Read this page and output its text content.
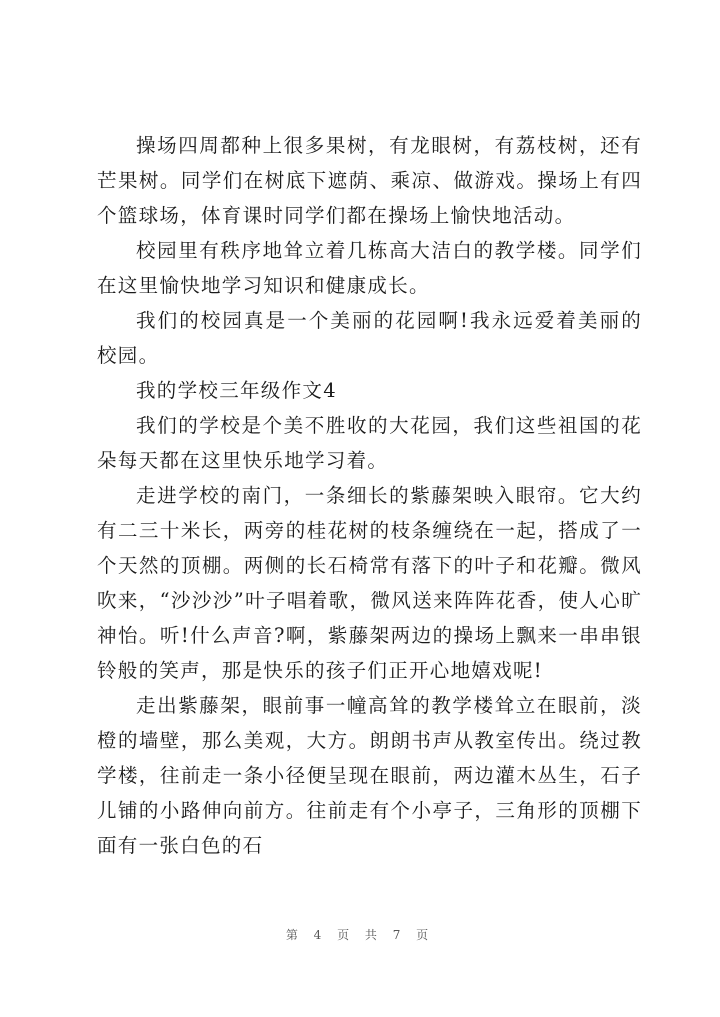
操场四周都种上很多果树，有龙眼树，有荔枝树，还有芒果树。同学们在树底下遮荫、乘凉、做游戏。操场上有四个篮球场，体育课时同学们都在操场上愉快地活动。

校园里有秩序地耸立着几栋高大洁白的教学楼。同学们在这里愉快地学习知识和健康成长。

我们的校园真是一个美丽的花园啊!我永远爱着美丽的校园。

我的学校三年级作文4

我们的学校是个美不胜收的大花园，我们这些祖国的花朵每天都在这里快乐地学习着。

走进学校的南门，一条细长的紫藤架映入眼帘。它大约有二三十米长，两旁的桂花树的枝条缠绕在一起，搭成了一个天然的顶棚。两侧的长石椅常有落下的叶子和花瓣。微风吹来，“沙沙沙”叶子唱着歌，微风送来阵阵花香，使人心旷神怡。听!什么声音?啊，紫藤架两边的操场上飘来一串串银铃般的笑声，那是快乐的孩子们正开心地嬉戏呢!

走出紫藤架，眼前事一幢高耸的教学楼耸立在眼前，淡橙的墙壁，那么美观，大方。朗朗书声从教室传出。绕过教学楼，往前走一条小径便呈现在眼前，两边灌木丛生，石子儿铺的小路伸向前方。往前走有个小亭子，三角形的顶棚下面有一张白色的石

第 4 页 共 7 页
